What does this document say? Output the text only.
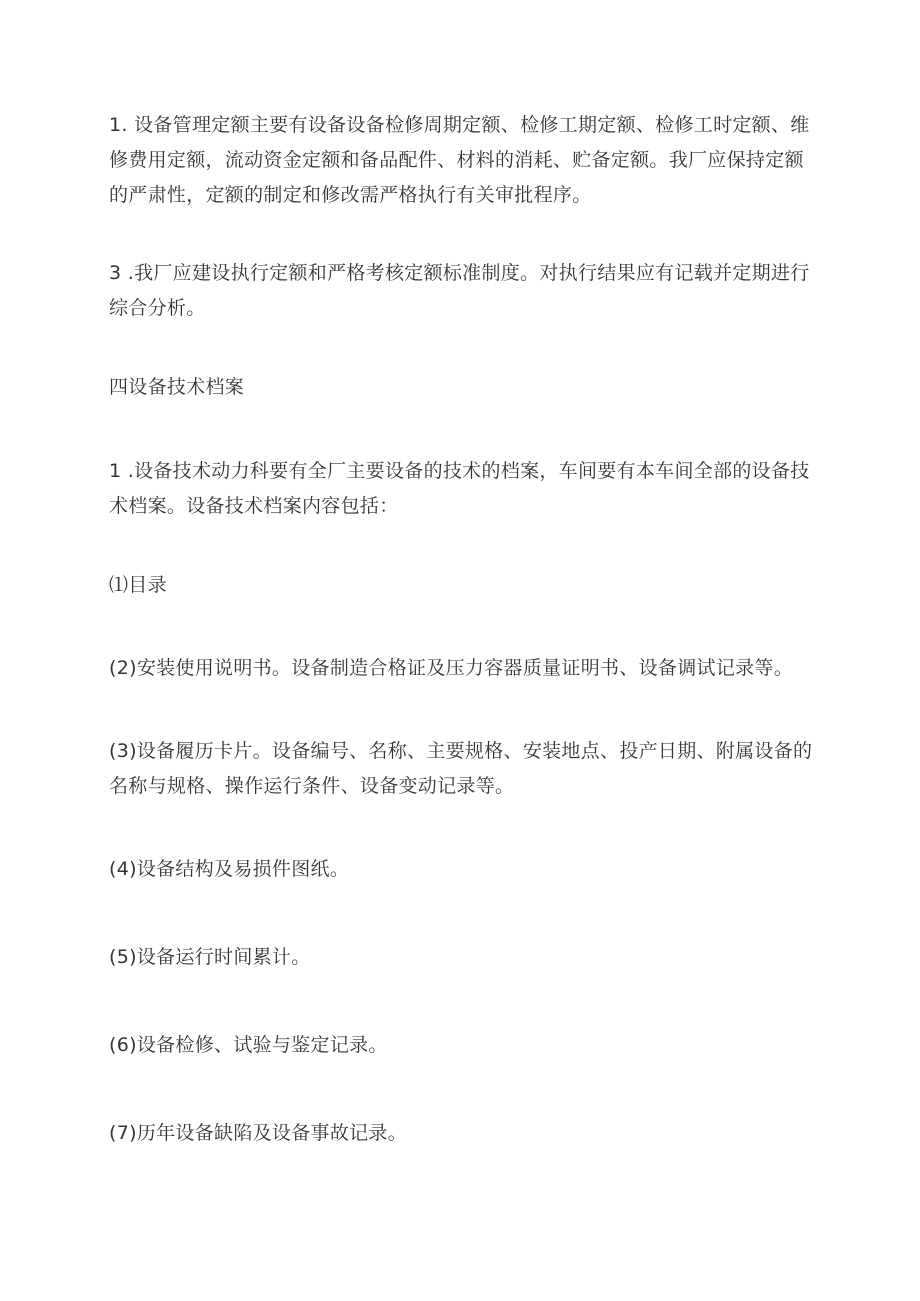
1. 设备管理定额主要有设备设备检修周期定额、检修工期定额、检修工时定额、维修费用定额，流动资金定额和备品配件、材料的消耗、贮备定额。我厂应保持定额的严肃性，定额的制定和修改需严格执行有关审批程序。

3 .我厂应建设执行定额和严格考核定额标准制度。对执行结果应有记载并定期进行综合分析。

四设备技术档案

1 .设备技术动力科要有全厂主要设备的技术的档案，车间要有本车间全部的设备技术档案。设备技术档案内容包括：

⑴目录

(2)安装使用说明书。设备制造合格证及压力容器质量证明书、设备调试记录等。

(3)设备履历卡片。设备编号、名称、主要规格、安装地点、投产日期、附属设备的名称与规格、操作运行条件、设备变动记录等。

(4)设备结构及易损件图纸。

(5)设备运行时间累计。

(6)设备检修、试验与鉴定记录。

(7)历年设备缺陷及设备事故记录。
